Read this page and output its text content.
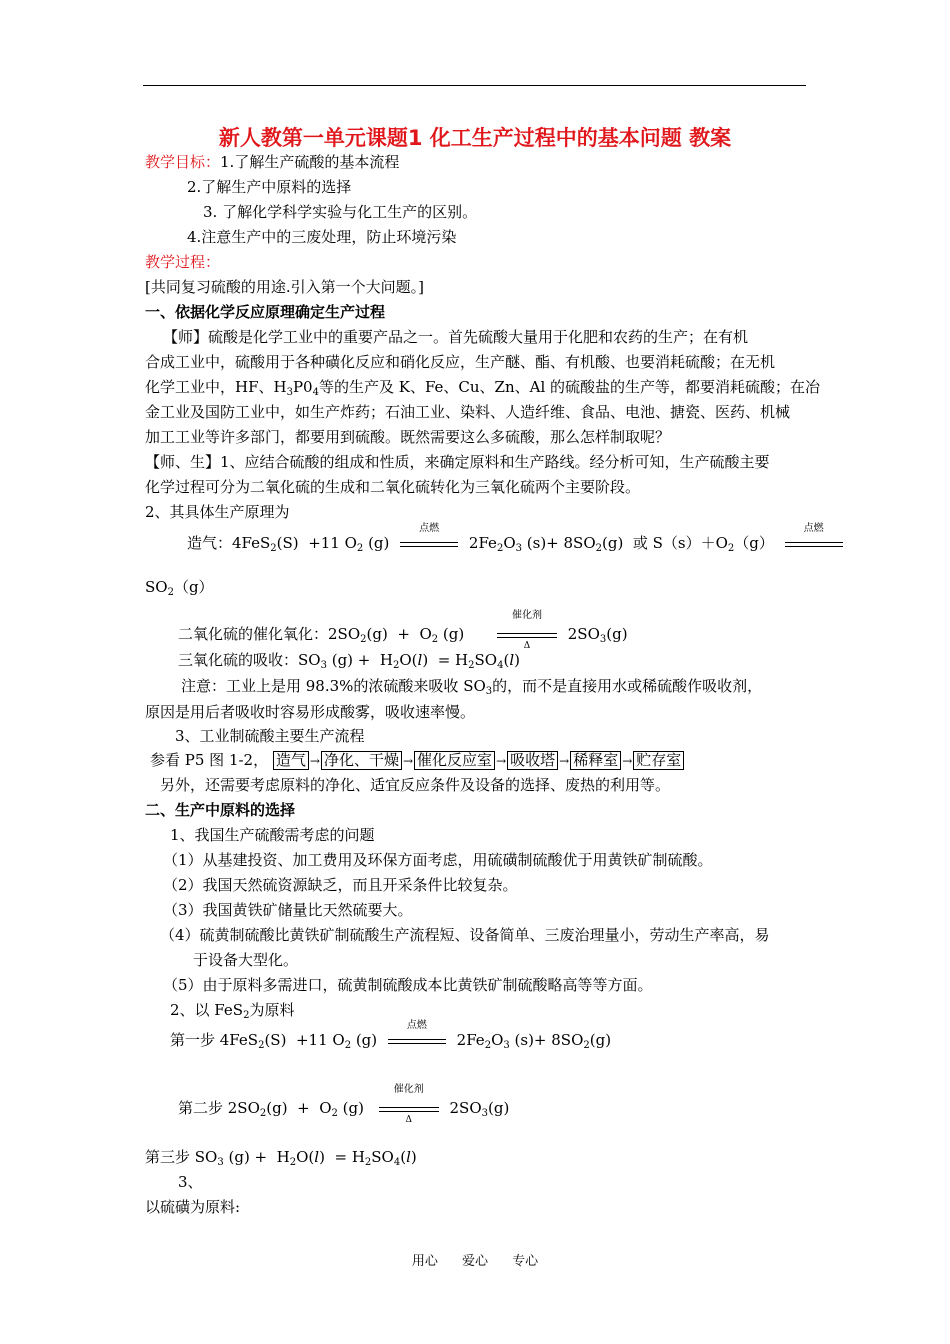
新人教第一单元课题1 化工生产过程中的基本问题 教案
教学目标：1.了解生产硫酸的基本流程
2.了解生产中原料的选择
3. 了解化学科学实验与化工生产的区别。
4.注意生产中的三废处理，防止环境污染
教学过程：
[共同复习硫酸的用途.引入第一个大问题。]
一、依据化学反应原理确定生产过程
【师】硫酸是化学工业中的重要产品之一。首先硫酸大量用于化肥和农药的生产；在有机
合成工业中，硫酸用于各种磺化反应和硝化反应，生产醚、酯、有机酸、也要消耗硫酸；在无机
化学工业中，HF、$H_3P0_4$等的生产及 K、Fe、Cu、Zn、Al 的硫酸盐的生产等，都要消耗硫酸；在冶
金工业及国防工业中，如生产炸药；石油工业、染料、人造纤维、食品、电池、搪瓷、医药、机械
加工工业等许多部门，都要用到硫酸。既然需要这么多硫酸，那么怎样制取呢？
【师、生】1、应结合硫酸的组成和性质，来确定原料和生产路线。经分析可知，生产硫酸主要
化学过程可分为二氧化硫的生成和二氧化硫转化为三氧化硫两个主要阶段。
2、其具体生产原理为
造气：4FeS$_2$(S)  +11 $O_2$ (g)
点燃
$2Fe_2O_3$ $(s)+ 8SO_2(g)$  或 $S(s)+O_2(g)$
点燃
$SO_2(g)$
二氧化硫的催化氧化：$2SO_2(g) + O_2$ (g)
催化剂
Δ
$2SO_3(g)$
三氧化硫的吸收：$SO_3$ $(g) + H_2O(l) = H_2SO_4(l)$
注意：工业上是用 98.3%的浓硫酸来吸收 $SO_3$的，而不是直接用水或稀硫酸作吸收剂，
原因是用后者吸收时容易形成酸雾，吸收速率慢。
3、工业制硫酸主要生产流程
参看 P5 图 1-2， 造气 → 净化、干燥 → 催化反应室 → 吸收塔 → 稀释室 → 贮存室
另外，还需要考虑原料的净化、适宜反应条件及设备的选择、废热的利用等。
二、生产中原料的选择
1、我国生产硫酸需考虑的问题
（1）从基建投资、加工费用及环保方面考虑，用硫磺制硫酸优于用黄铁矿制硫酸。
（2）我国天然硫资源缺乏，而且开采条件比较复杂。
（3）我国黄铁矿储量比天然硫要大。
（4）硫黄制硫酸比黄铁矿制硫酸生产流程短、设备简单、三废治理量小，劳动生产率高，易
于设备大型化。
（5）由于原料多需进口，硫黄制硫酸成本比黄铁矿制硫酸略高等等方面。
2、以 FeS$_2$为原料
第一步 4FeS$_2$(S)  +11 $O_2$ (g)
点燃
$2Fe_2O_3$ $(s)+ 8SO_2(g)$
第二步 $2SO_2(g) + O_2$ (g)
催化剂
Δ
$2SO_3(g)$
第三步 $SO_3$ $(g) + H_2O(l) = H_2SO_4(l)$
3、
以硫磺为原料:
用心 爱心 专心
